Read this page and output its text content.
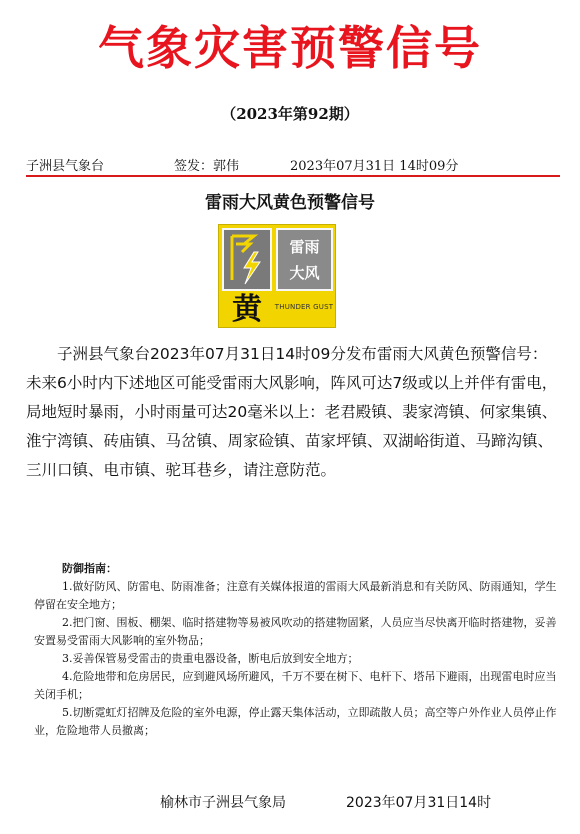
气象灾害预警信号
（2023年第92期）
子洲县气象台	签发：郭伟	2023年07月31日 14时09分
雷雨大风黄色预警信号
雷雨
大风
黄	THUNDER GUST
子洲县气象台2023年07月31日14时09分发布雷雨大风黄色预警信号：未来6小时内下述地区可能受雷雨大风影响，阵风可达7级或以上并伴有雷电，局地短时暴雨，小时雨量可达20毫米以上：老君殿镇、裴家湾镇、何家集镇、淮宁湾镇、砖庙镇、马岔镇、周家硷镇、苗家坪镇、双湖峪街道、马蹄沟镇、三川口镇、电市镇、驼耳巷乡，请注意防范。
防御指南：
1.做好防风、防雷电、防雨准备；注意有关媒体报道的雷雨大风最新消息和有关防风、防雨通知，学生停留在安全地方；
2.把门窗、围板、棚架、临时搭建物等易被风吹动的搭建物固紧，人员应当尽快离开临时搭建物，妥善安置易受雷雨大风影响的室外物品；
3.妥善保管易受雷击的贵重电器设备，断电后放到安全地方；
4.危险地带和危房居民，应到避风场所避风，千万不要在树下、电杆下、塔吊下避雨，出现雷电时应当关闭手机；
5.切断霓虹灯招牌及危险的室外电源，停止露天集体活动，立即疏散人员；高空等户外作业人员停止作业，危险地带人员撤离；
榆林市子洲县气象局	2023年07月31日14时
